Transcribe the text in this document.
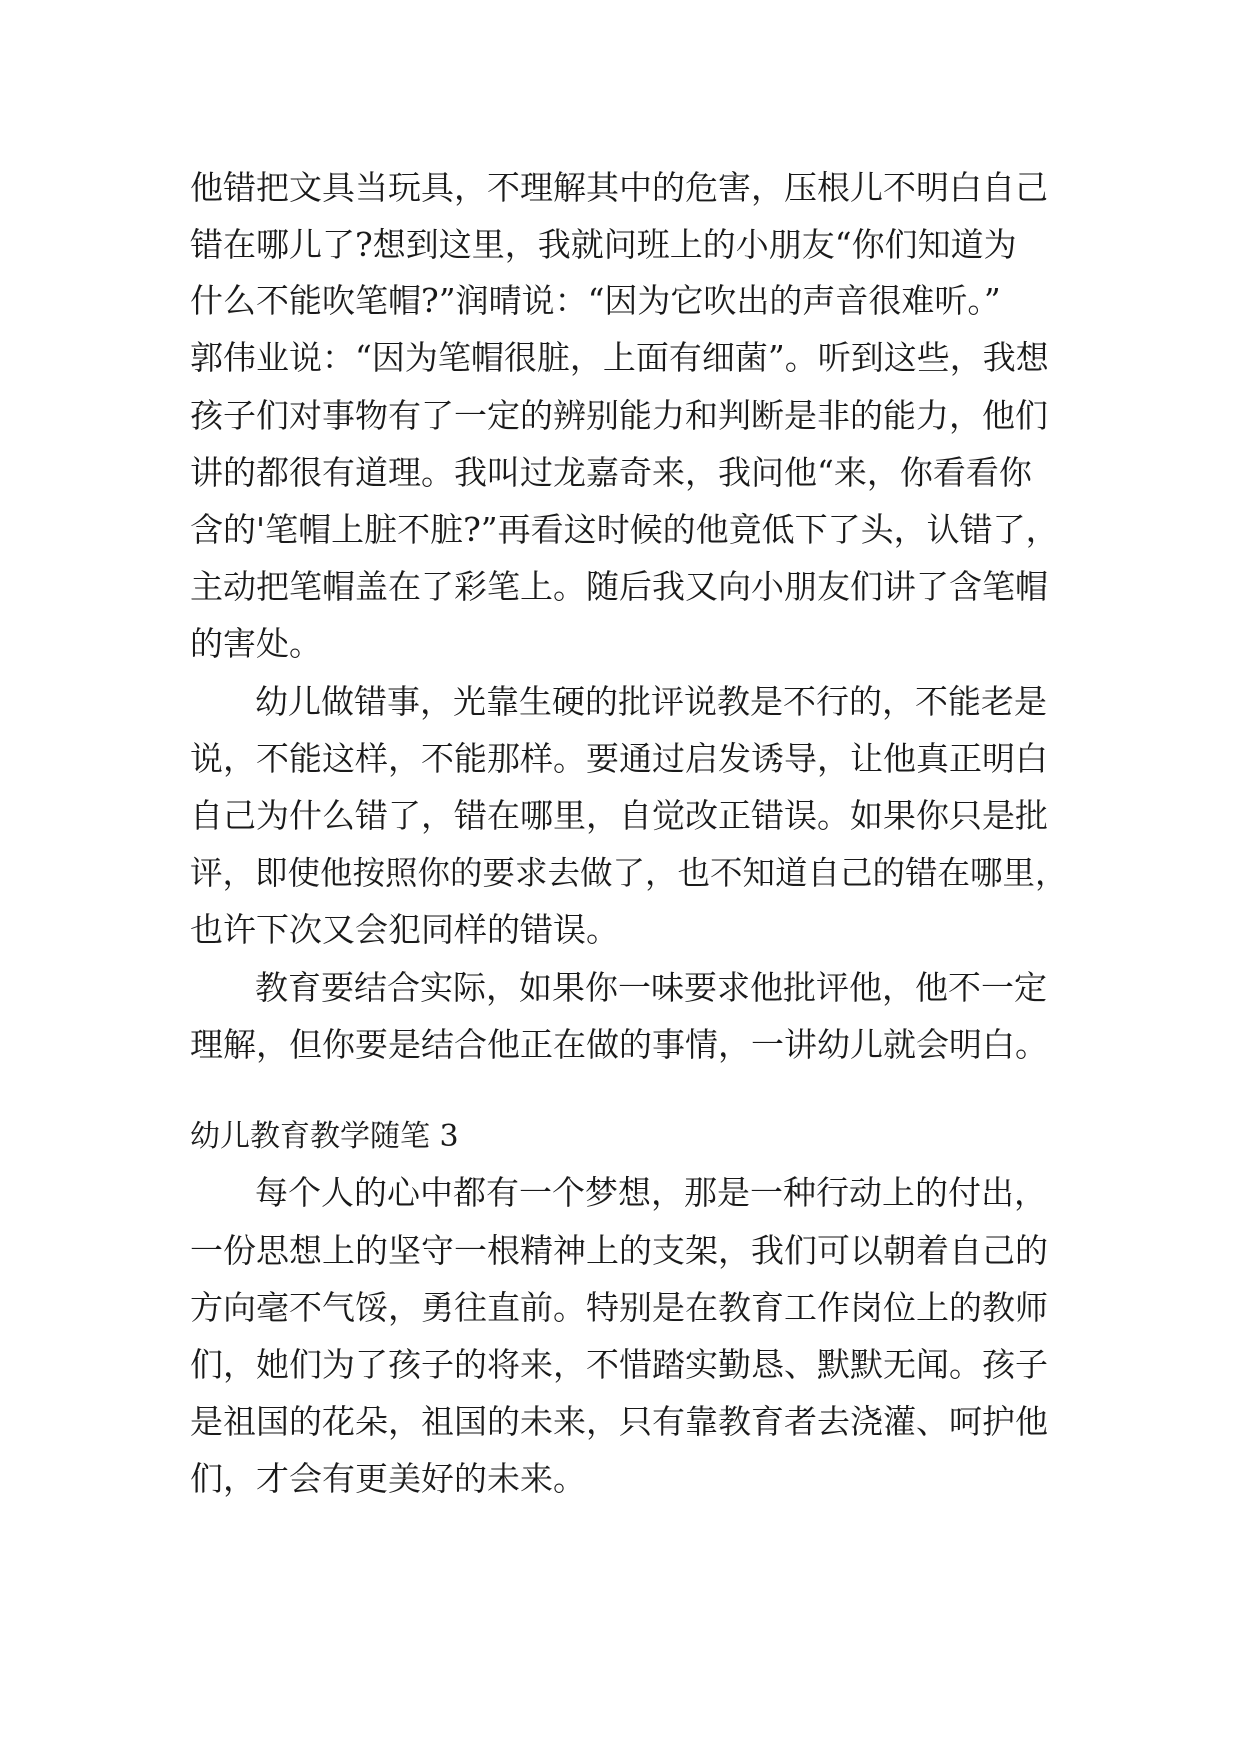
他错把文具当玩具，不理解其中的危害，压根儿不明白自己
错在哪儿了?想到这里，我就问班上的小朋友“你们知道为
什么不能吹笔帽?”润晴说：“因为它吹出的声音很难听。”
郭伟业说：“因为笔帽很脏，上面有细菌”。听到这些，我想
孩子们对事物有了一定的辨别能力和判断是非的能力，他们
讲的都很有道理。我叫过龙嘉奇来，我问他“来，你看看你
含的'笔帽上脏不脏?”再看这时候的他竟低下了头，认错了，
主动把笔帽盖在了彩笔上。随后我又向小朋友们讲了含笔帽
的害处。
幼儿做错事，光靠生硬的批评说教是不行的，不能老是
说，不能这样，不能那样。要通过启发诱导，让他真正明白
自己为什么错了，错在哪里，自觉改正错误。如果你只是批
评，即使他按照你的要求去做了，也不知道自己的错在哪里，
也许下次又会犯同样的错误。
教育要结合实际，如果你一味要求他批评他，他不一定
理解，但你要是结合他正在做的事情，一讲幼儿就会明白。
幼儿教育教学随笔 3
每个人的心中都有一个梦想，那是一种行动上的付出，
一份思想上的坚守一根精神上的支架，我们可以朝着自己的
方向毫不气馁，勇往直前。特别是在教育工作岗位上的教师
们，她们为了孩子的将来，不惜踏实勤恳、默默无闻。孩子
是祖国的花朵，祖国的未来，只有靠教育者去浇灌、呵护他
们，才会有更美好的未来。
